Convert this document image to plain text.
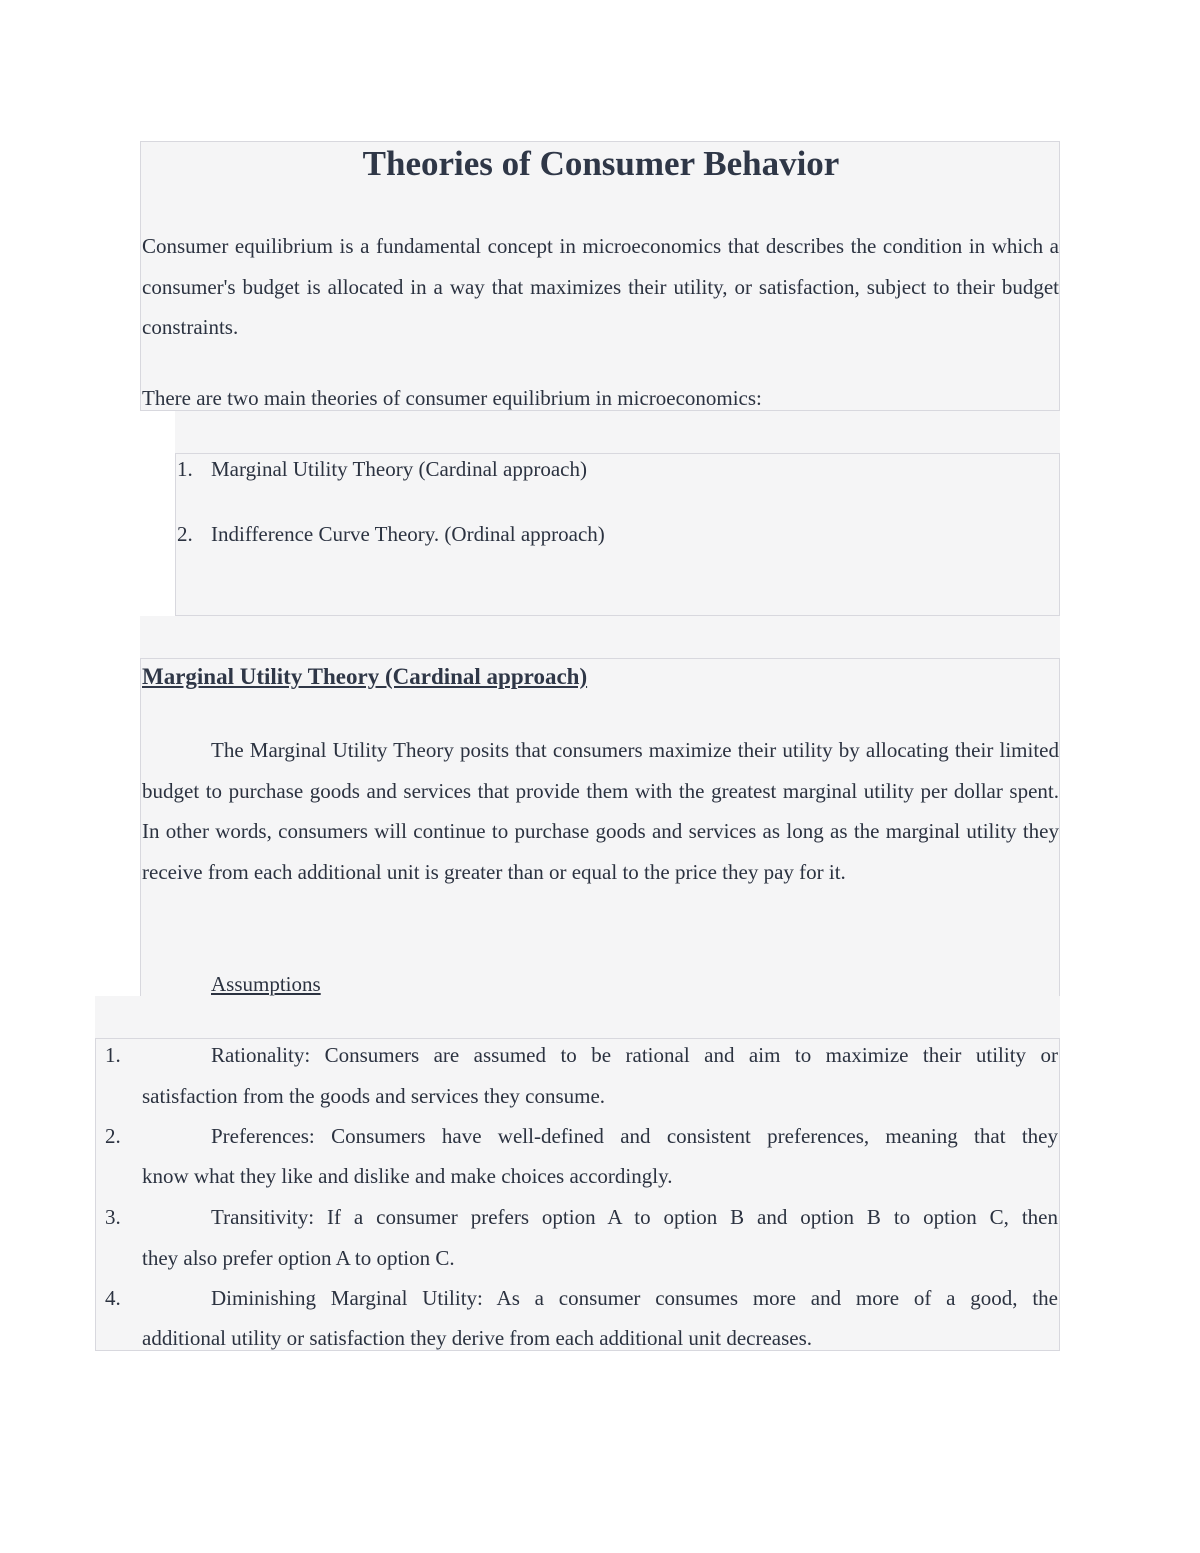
Theories of Consumer Behavior

Consumer equilibrium is a fundamental concept in microeconomics that describes the condition in which a consumer's budget is allocated in a way that maximizes their utility, or satisfaction, subject to their budget constraints.

There are two main theories of consumer equilibrium in microeconomics:
1. Marginal Utility Theory (Cardinal approach)
2. Indifference Curve Theory. (Ordinal approach)
Marginal Utility Theory (Cardinal approach)

The Marginal Utility Theory posits that consumers maximize their utility by allocating their limited budget to purchase goods and services that provide them with the greatest marginal utility per dollar spent. In other words, consumers will continue to purchase goods and services as long as the marginal utility they receive from each additional unit is greater than or equal to the price they pay for it.

Assumptions
1.	Rationality: Consumers are assumed to be rational and aim to maximize their utility or
satisfaction from the goods and services they consume.
2.	Preferences: Consumers have well-defined and consistent preferences, meaning that they
know what they like and dislike and make choices accordingly.
3.	Transitivity: If a consumer prefers option A to option B and option B to option C, then
they also prefer option A to option C.
4.	Diminishing Marginal Utility: As a consumer consumes more and more of a good, the
additional utility or satisfaction they derive from each additional unit decreases.
